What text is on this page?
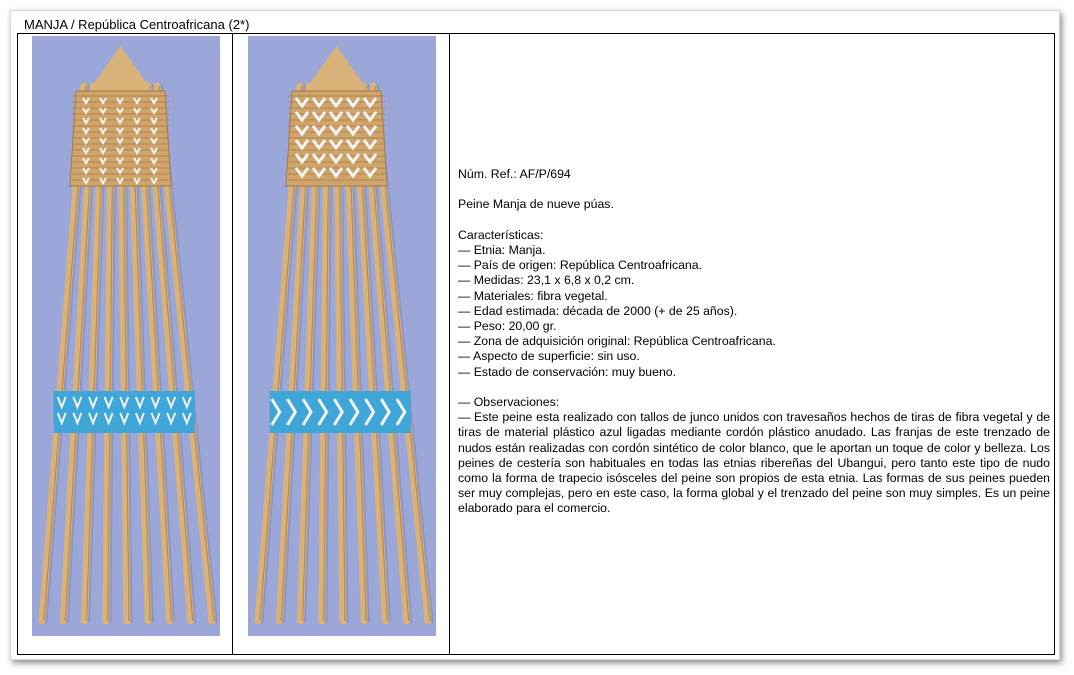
MANJA / República Centroafricana (2*)

Núm. Ref.: AF/P/694

Peine Manja de nueve púas.

Características:

— Etnia: Manja.

— País de origen: República Centroafricana.

— Medidas: 23,1 x 6,8 x 0,2 cm.

— Materiales: fibra vegetal.

— Edad estimada: década de 2000 (+ de 25 años).

— Peso: 20,00 gr.

— Zona de adquisición original: República Centroafricana.

— Aspecto de superficie: sin uso.

— Estado de conservación: muy bueno.

— Observaciones:

— Este peine esta realizado con tallos de junco unidos con travesaños hechos de tiras de fibra vegetal y de tiras de material plástico azul ligadas mediante cordón plástico anudado. Las franjas de este trenzado de nudos están realizadas con cordón sintético de color blanco, que le aportan un toque de color y belleza. Los peines de cestería son habituales en todas las etnias ribereñas del Ubangui, pero tanto este tipo de nudo como la forma de trapecio isósceles del peine son propios de esta etnia. Las formas de sus peines pueden ser muy complejas, pero en este caso, la forma global y el trenzado del peine son muy simples. Es un peine elaborado para el comercio.
